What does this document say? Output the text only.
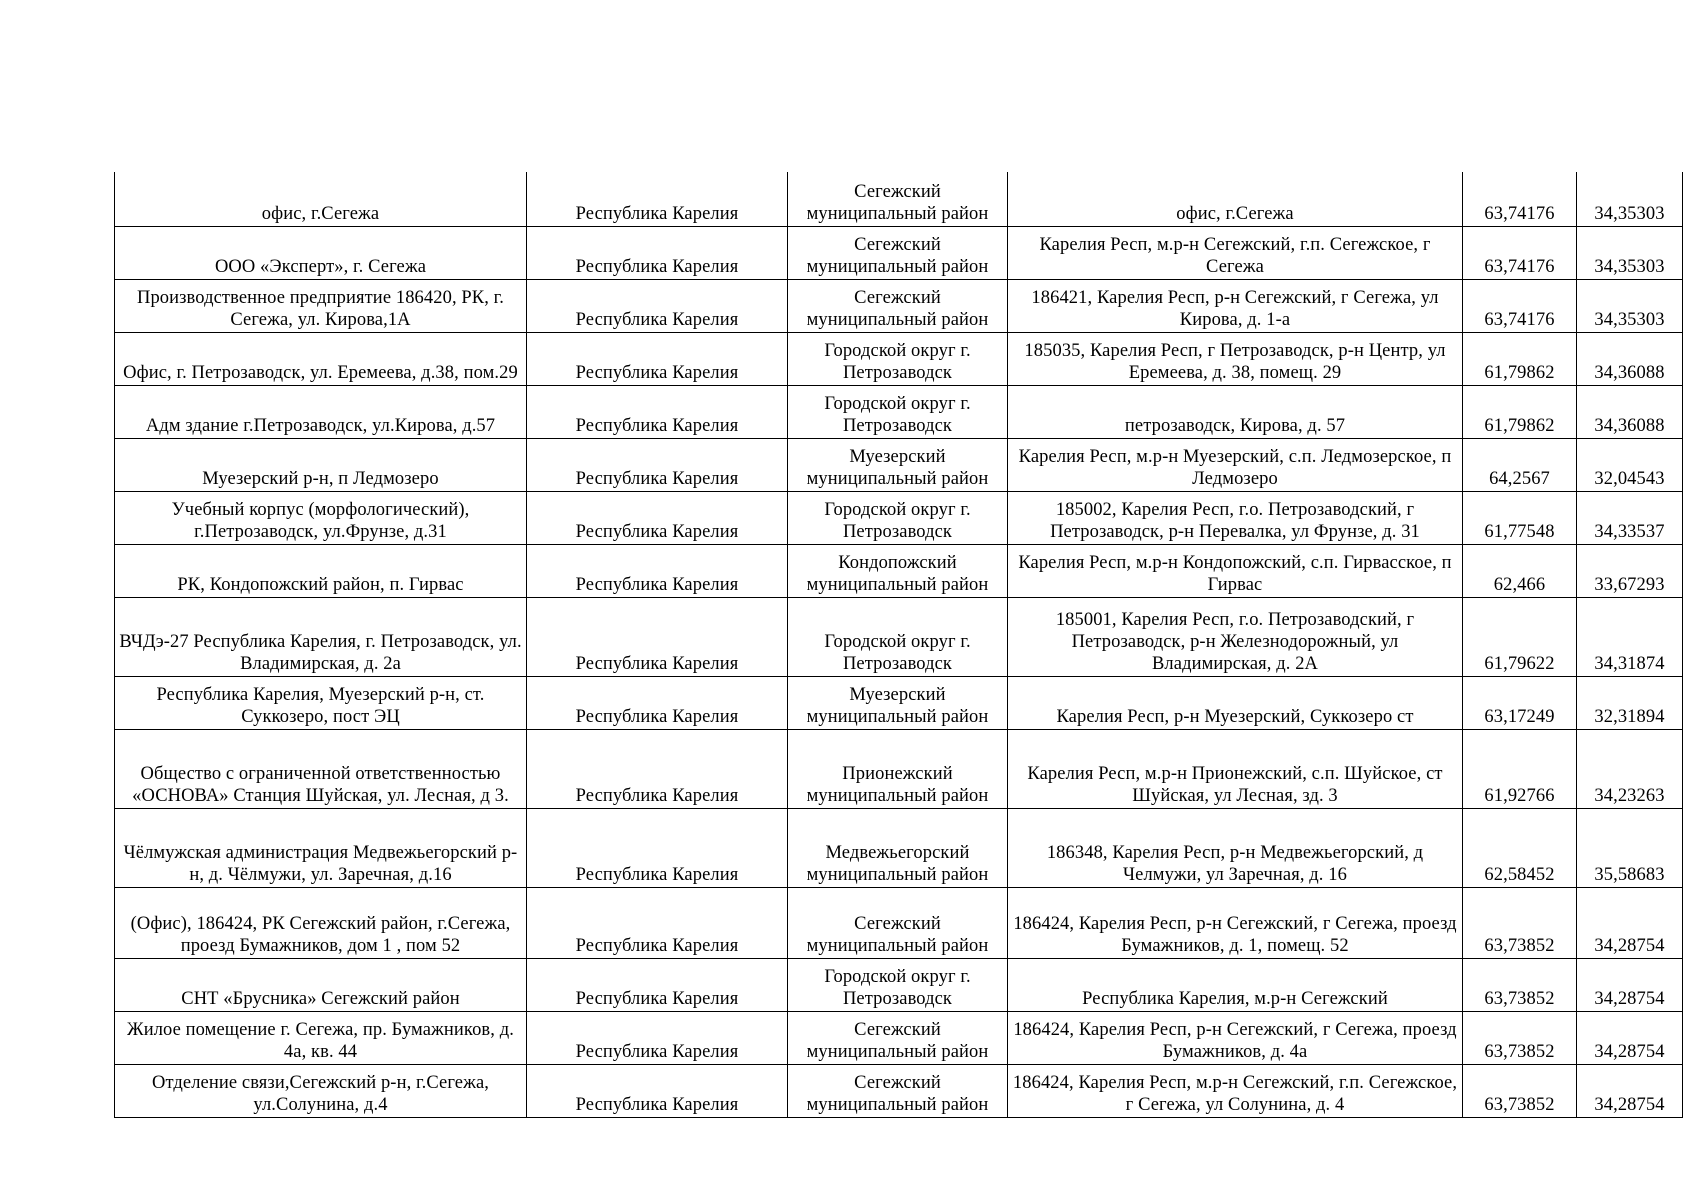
офис, г.Сегежа	Республика Карелия	Сегежский муниципальный район	офис, г.Сегежа	63,74176	34,35303
ООО «Эксперт», г. Сегежа	Республика Карелия	Сегежский муниципальный район	Карелия Респ, м.р-н Сегежский, г.п. Сегежское, г Сегежа	63,74176	34,35303
Производственное предприятие 186420, РК, г. Сегежа, ул. Кирова,1А	Республика Карелия	Сегежский муниципальный район	186421, Карелия Респ, р-н Сегежский, г Сегежа, ул Кирова, д. 1-а	63,74176	34,35303
Офис, г. Петрозаводск, ул. Еремеева, д.38, пом.29	Республика Карелия	Городской округ г. Петрозаводск	185035, Карелия Респ, г Петрозаводск, р-н Центр, ул Еремеева, д. 38, помещ. 29	61,79862	34,36088
Адм здание г.Петрозаводск, ул.Кирова, д.57	Республика Карелия	Городской округ г. Петрозаводск	петрозаводск, Кирова, д. 57	61,79862	34,36088
Муезерский р-н, п Ледмозеро	Республика Карелия	Муезерский муниципальный район	Карелия Респ, м.р-н Муезерский, с.п. Ледмозерское, п Ледмозеро	64,2567	32,04543
Учебный корпус (морфологический), г.Петрозаводск, ул.Фрунзе, д.31	Республика Карелия	Городской округ г. Петрозаводск	185002, Карелия Респ, г.о. Петрозаводский, г Петрозаводск, р-н Перевалка, ул Фрунзе, д. 31	61,77548	34,33537
РК, Кондопожский район, п. Гирвас	Республика Карелия	Кондопожский муниципальный район	Карелия Респ, м.р-н Кондопожский, с.п. Гирвасское, п Гирвас	62,466	33,67293
ВЧДэ-27 Республика Карелия, г. Петрозаводск, ул. Владимирская, д. 2а	Республика Карелия	Городской округ г. Петрозаводск	185001, Карелия Респ, г.о. Петрозаводский, г Петрозаводск, р-н Железнодорожный, ул Владимирская, д. 2А	61,79622	34,31874
Республика Карелия, Муезерский р-н, ст. Суккозеро, пост ЭЦ	Республика Карелия	Муезерский муниципальный район	Карелия Респ, р-н Муезерский, Суккозеро ст	63,17249	32,31894
Общество с ограниченной ответственностью «ОСНОВА» Станция Шуйская, ул. Лесная, д 3.	Республика Карелия	Прионежский муниципальный район	Карелия Респ, м.р-н Прионежский, с.п. Шуйское, ст Шуйская, ул Лесная, зд. 3	61,92766	34,23263
Чёлмужская администрация Медвежьегорский р-н, д. Чёлмужи, ул. Заречная, д.16	Республика Карелия	Медвежьегорский муниципальный район	186348, Карелия Респ, р-н Медвежьегорский, д Челмужи, ул Заречная, д. 16	62,58452	35,58683
(Офис), 186424, РК Сегежский район, г.Сегежа, проезд Бумажников, дом 1 , пом 52	Республика Карелия	Сегежский муниципальный район	186424, Карелия Респ, р-н Сегежский, г Сегежа, проезд Бумажников, д. 1, помещ. 52	63,73852	34,28754
СНТ «Брусника» Сегежский район	Республика Карелия	Городской округ г. Петрозаводск	Республика Карелия, м.р-н Сегежский	63,73852	34,28754
Жилое помещение г. Сегежа, пр. Бумажников, д. 4а, кв. 44	Республика Карелия	Сегежский муниципальный район	186424, Карелия Респ, р-н Сегежский, г Сегежа, проезд Бумажников, д. 4а	63,73852	34,28754
Отделение связи,Сегежский р-н, г.Сегежа, ул.Солунина, д.4	Республика Карелия	Сегежский муниципальный район	186424, Карелия Респ, м.р-н Сегежский, г.п. Сегежское, г Сегежа, ул Солунина, д. 4	63,73852	34,28754
